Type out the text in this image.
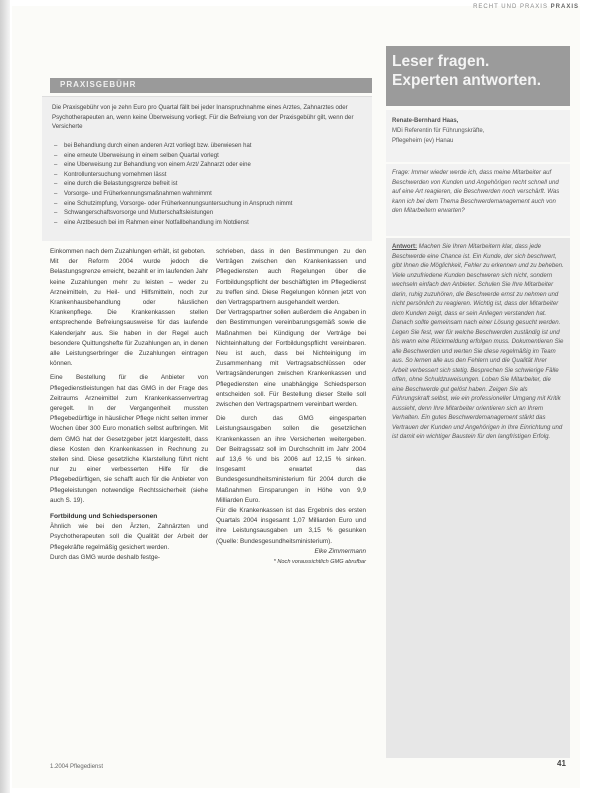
RECHT UND PRAXIS PRAXIS
PRAXISGEBÜHR

Die Praxisgebühr von je zehn Euro pro Quartal fällt bei jeder Inanspruchnahme eines Arztes, Zahnarztes oder Psychotherapeuten an, wenn keine Überweisung vorliegt. Für die Befreiung von der Praxisgebühr gilt, wenn der Versicherte

– bei Behandlung durch einen anderen Arzt vorliegt bzw. überwiesen hat
– eine erneute Überweisung in einem selben Quartal vorlegt
– eine Überweisung zur Behandlung von einem Arzt/ Zahnarzt oder eine
– Kontrolluntersuchung vornehmen lässt
– eine durch die Belastungsgrenze befreit ist
– Vorsorge- und Früherkennungsmaßnahmen wahrnimmt
– eine Schutzimpfung, Vorsorge- oder Früherkennungsuntersuchung in Anspruch nimmt
– Schwangerschaftsvorsorge und Mutterschaftsleistungen
– eine Arztbesuch bei im Rahmen einer Notfallbehandlung im Notdienst

Einkommen nach dem Zuzahlungen erhält, ist geboten.

Mit der Reform 2004 wurde jedoch die Belastungsgrenze erreicht, bezahlt er im laufenden Jahr keine Zuzahlungen mehr zu leisten – weder zu Arzneimitteln, zu Heil- und Hilfsmitteln, noch zur Krankenhausbehandlung oder häuslichen Krankenpflege. Die Krankenkassen stellen entsprechende Befreiungsausweise für das laufende Kalenderjahr aus. Sie haben in der Regel auch besondere Quittungshefte für Zuzahlungen an, in denen alle Leistungserbringer die Zuzahlungen eintragen können.

Eine Bestellung für die Anbieter von Pflegedienstleistungen hat das GMG in der Frage des Zeitraums Arzneimittel zum Krankenkassenvertrag geregelt. In der Vergangenheit mussten Pflegebedürftige in häuslicher Pflege nicht selten immer Wochen über 300 Euro monatlich selbst aufbringen. Mit dem GMG hat der Gesetzgeber jetzt klargestellt, dass diese Kosten den Krankenkassen in Rechnung zu stellen sind. Diese gesetzliche Klarstellung führt nicht nur zu einer verbesserten Hilfe für die Pflegebedürftigen, sie schafft auch für die Anbieter von Pflegeleistungen notwendige Rechtssicherheit (siehe auch S. 19).

Fortbildung und Schiedspersonen

Ähnlich wie bei den Ärzten, Zahnärzten und Psychotherapeuten soll die Qualität der Arbeit der Pflegekräfte regelmäßig gesichert werden.

Durch das GMG wurde deshalb festge-

schrieben, dass in den Bestimmungen zu den Verträgen zwischen den Krankenkassen und Pflegediensten auch Regelungen über die Fortbildungspflicht der beschäftigten im Pflegedienst zu treffen sind. Diese Regelungen können jetzt von den Vertragspartnern ausgehandelt werden.

Der Vertragspartner sollen außerdem die Angaben in den Bestimmungen vereinbarungsgemäß sowie die Maßnahmen bei Kündigung der Verträge bei Nichteinhaltung der Fortbildungspflicht vereinbaren. Neu ist auch, dass bei Nichteinigung im Zusammenhang mit Vertragsabschlüssen oder Vertragsänderungen zwischen Krankenkassen und Pflegediensten eine unabhängige Schiedsperson entscheiden soll. Für Bestellung dieser Stelle soll zwischen den Vertragspartnern vereinbart werden.

Die durch das GMG eingesparten Leistungsausgaben sollen die gesetzlichen Krankenkassen an ihre Versicherten weitergeben. Der Beitragssatz soll im Durchschnitt im Jahr 2004 auf 13,6 % und bis 2006 auf 12,15 % sinken. Insgesamt erwartet das Bundesgesundheitsministerium für 2004 durch die Maßnahmen Einsparungen in Höhe von 9,9 Milliarden Euro.

Für die Krankenkassen ist das Ergebnis des ersten Quartals 2004 insgesamt 1,07 Milliarden Euro und ihre Leistungsausgaben um 3,15 % gesunken (Quelle: Bundesgesundheitsministerium).

Elke Zimmermann

* Noch voraussichtlich GMG abrufbar

Leser fragen.
Experten antworten.
Renate-Bernhard Haas,
MDi Referentin für Führungskräfte,
Pflegeheim (ev) Hanau
Frage: Immer wieder werde ich, dass meine Mitarbeiter auf Beschwerden von Kunden und Angehörigen recht schnell und auf eine Art reagieren, die Beschwerden noch verschärft. Was kann ich bei dem Thema Beschwerdemanagement auch von den Mitarbeitern erwarten?
Antwort: Machen Sie Ihren Mitarbeitern klar, dass jede Beschwerde eine Chance ist. Ein Kunde, der sich beschwert, gibt Ihnen die Möglichkeit, Fehler zu erkennen und zu beheben. Viele unzufriedene Kunden beschweren sich nicht, sondern wechseln einfach den Anbieter. Schulen Sie Ihre Mitarbeiter darin, ruhig zuzuhören, die Beschwerde ernst zu nehmen und nicht persönlich zu reagieren. Wichtig ist, dass der Mitarbeiter dem Kunden zeigt, dass er sein Anliegen verstanden hat. Danach sollte gemeinsam nach einer Lösung gesucht werden. Legen Sie fest, wer für welche Beschwerden zuständig ist und bis wann eine Rückmeldung erfolgen muss. Dokumentieren Sie alle Beschwerden und werten Sie diese regelmäßig im Team aus. So lernen alle aus den Fehlern und die Qualität Ihrer Arbeit verbessert sich stetig. Besprechen Sie schwierige Fälle offen, ohne Schuldzuweisungen. Loben Sie Mitarbeiter, die eine Beschwerde gut gelöst haben. Zeigen Sie als Führungskraft selbst, wie ein professioneller Umgang mit Kritik aussieht, denn Ihre Mitarbeiter orientieren sich an Ihrem Verhalten. Ein gutes Beschwerdemanagement stärkt das Vertrauen der Kunden und Angehörigen in Ihre Einrichtung und ist damit ein wichtiger Baustein für den langfristigen Erfolg.
1.2004 Pflegedienst	41
